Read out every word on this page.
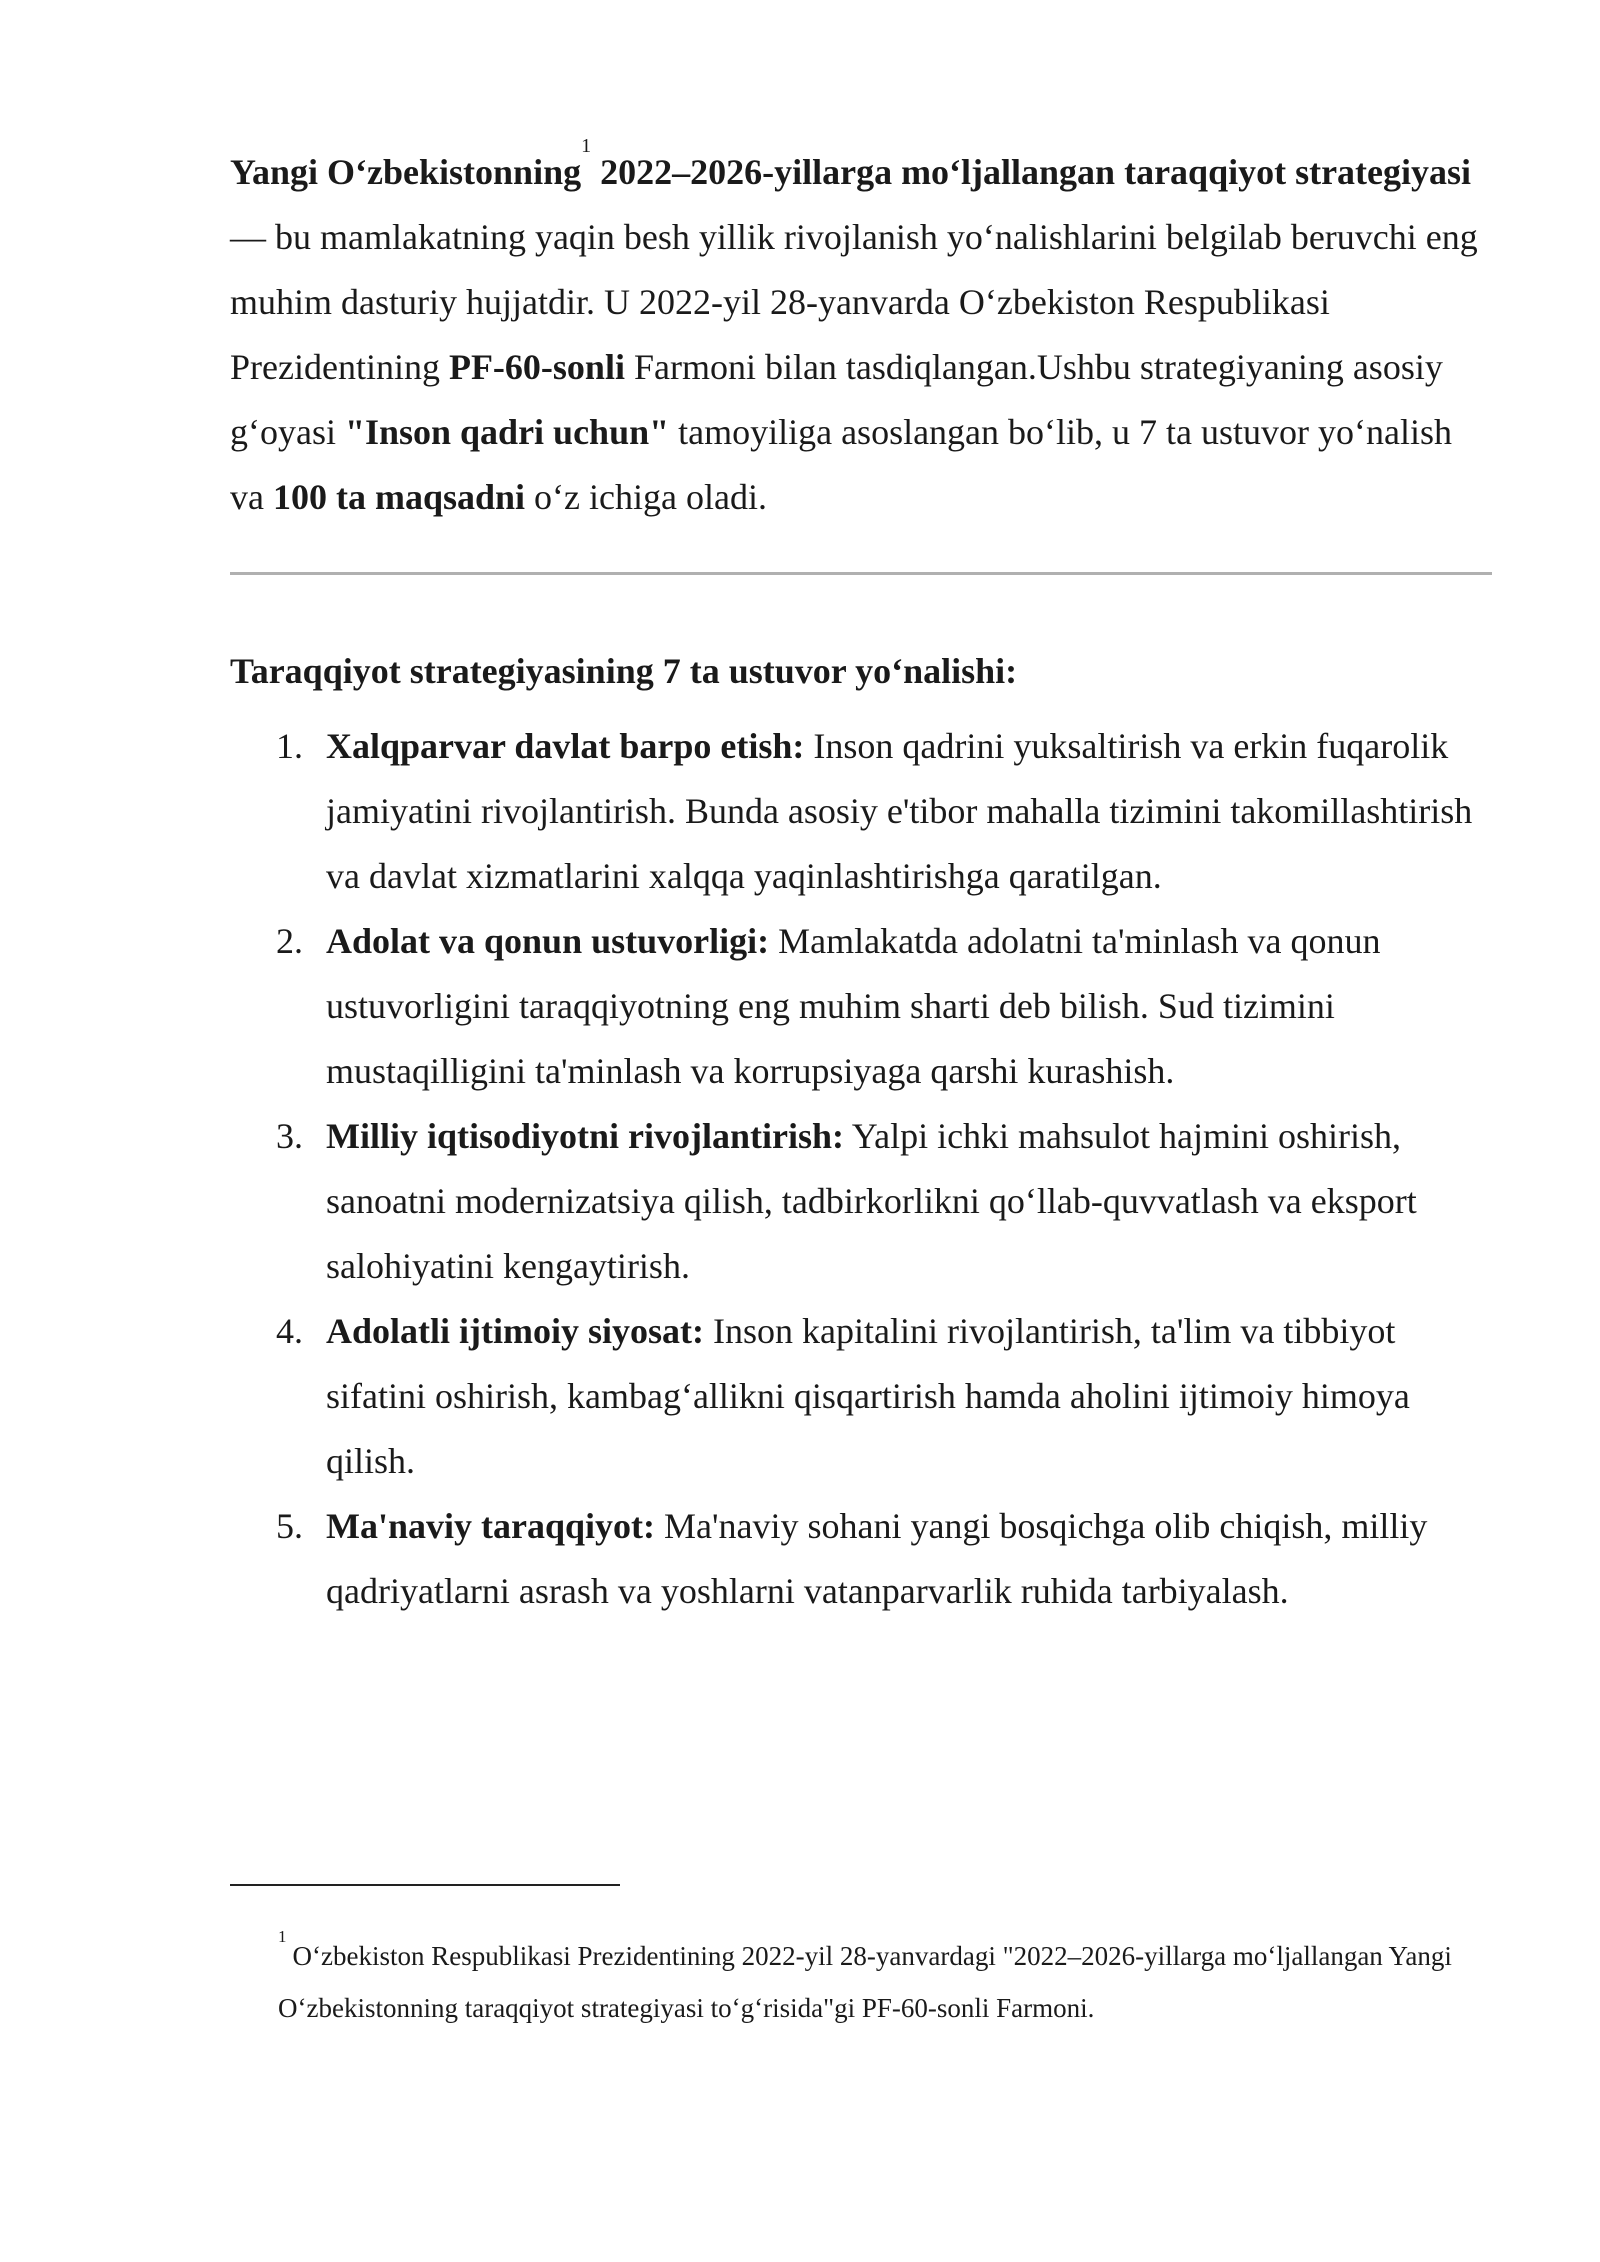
Yangi O‘zbekistonning$^1$ 2022–2026-yillarga mo‘ljallangan taraqqiyot strategiyasi — bu mamlakatning yaqin besh yillik rivojlanish yo‘nalishlarini belgilab beruvchi eng muhim dasturiy hujjatdir. U 2022-yil 28-yanvarda O‘zbekiston Respublikasi Prezidentining PF-60-sonli Farmoni bilan tasdiqlangan.Ushbu strategiyaning asosiy g‘oyasi "Inson qadri uchun" tamoyiliga asoslangan bo‘lib, u 7 ta ustuvor yo‘nalish va 100 ta maqsadni o‘z ichiga oladi.

Taraqqiyot strategiyasining 7 ta ustuvor yo‘nalishi:

1. Xalqparvar davlat barpo etish: Inson qadrini yuksaltirish va erkin fuqarolik jamiyatini rivojlantirish. Bunda asosiy e'tibor mahalla tizimini takomillashtirish va davlat xizmatlarini xalqqa yaqinlashtirishga qaratilgan.
2. Adolat va qonun ustuvorligi: Mamlakatda adolatni ta'minlash va qonun ustuvorligini taraqqiyotning eng muhim sharti deb bilish. Sud tizimini mustaqilligini ta'minlash va korrupsiyaga qarshi kurashish.
3. Milliy iqtisodiyotni rivojlantirish: Yalpi ichki mahsulot hajmini oshirish, sanoatni modernizatsiya qilish, tadbirkorlikni qo‘llab-quvvatlash va eksport salohiyatini kengaytirish.
4. Adolatli ijtimoiy siyosat: Inson kapitalini rivojlantirish, ta'lim va tibbiyot sifatini oshirish, kambag‘allikni qisqartirish hamda aholini ijtimoiy himoya qilish.
5. Ma'naviy taraqqiyot: Ma'naviy sohani yangi bosqichga olib chiqish, milliy qadriyatlarni asrash va yoshlarni vatanparvarlik ruhida tarbiyalash.

$^1$O‘zbekiston Respublikasi Prezidentining 2022-yil 28-yanvardagi "2022–2026-yillarga mo‘ljallangan Yangi O‘zbekistonning taraqqiyot strategiyasi to‘g‘risida"gi PF-60-sonli Farmoni.
